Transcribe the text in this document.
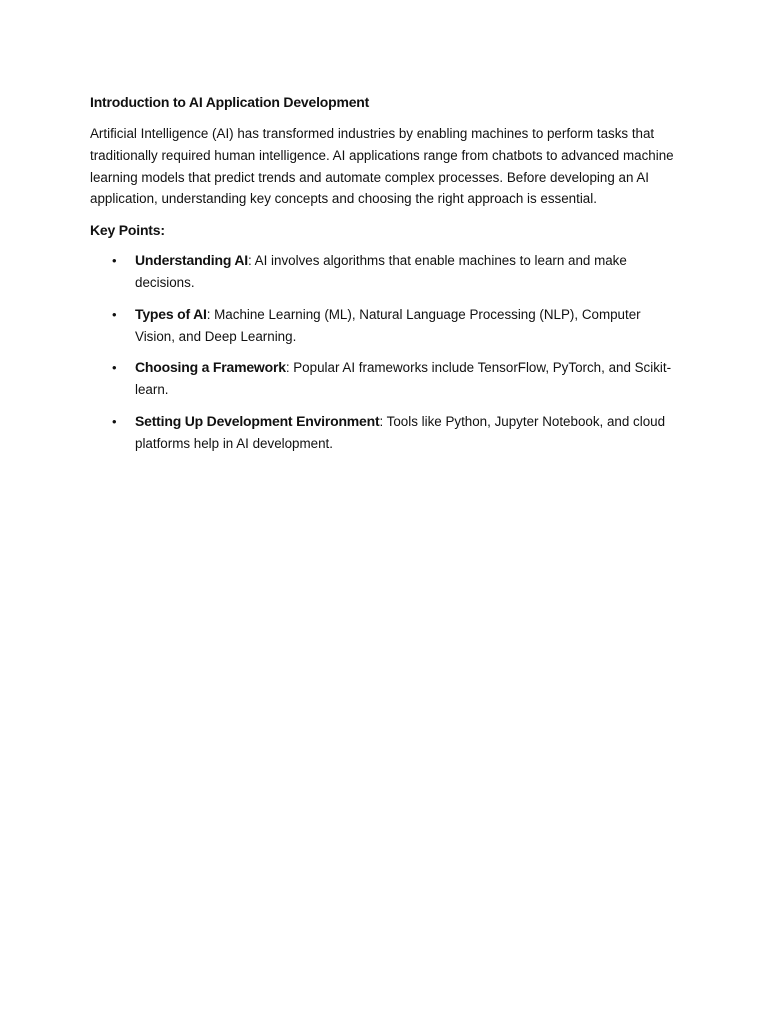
Introduction to AI Application Development

Artificial Intelligence (AI) has transformed industries by enabling machines to perform tasks that traditionally required human intelligence. AI applications range from chatbots to advanced machine learning models that predict trends and automate complex processes. Before developing an AI application, understanding key concepts and choosing the right approach is essential.

Key Points:
• Understanding AI: AI involves algorithms that enable machines to learn and make decisions.
• Types of AI: Machine Learning (ML), Natural Language Processing (NLP), Computer Vision, and Deep Learning.
• Choosing a Framework: Popular AI frameworks include TensorFlow, PyTorch, and Scikit-learn.
• Setting Up Development Environment: Tools like Python, Jupyter Notebook, and cloud platforms help in AI development.
